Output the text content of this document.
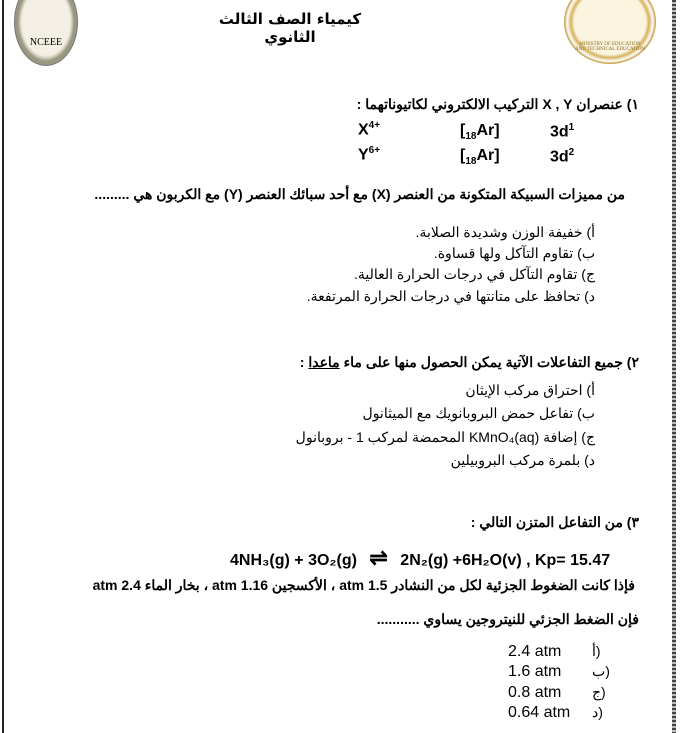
NCEEE	MINISTRY OF EDUCATION AND TECHNICAL EDUCATION
كيمياء الصف الثالث الثانوي
١) عنصران X , Y التركيب الالكتروني لكاتيوناتهما :
$X^{4+}$	$[_{18}Ar]$	$3d^1$
$Y^{6+}$	$[_{18}Ar]$	$3d^2$
من مميزات السبيكة المتكونة من العنصر (X) مع أحد سبائك العنصر (Y) مع الكربون هي .........
أ) خفيفة الوزن وشديدة الصلابة.
ب) تقاوم التآكل ولها قساوة.
ج) تقاوم التآكل في درجات الحرارة العالية.
د) تحافظ على متانتها في درجات الحرارة المرتفعة.
٢) جميع التفاعلات الآتية يمكن الحصول منها على ماء ماعدا :
أ) احتراق مركب الإيثان
ب) تفاعل حمض البروبانويك مع الميثانول
ج) إضافة KMnO₄(aq) المحمضة لمركب 1 - بروبانول
د) بلمرة مركب البروبيلين
٣) من التفاعل المتزن التالي :
4NH₃(g) + 3O₂(g) ⇌ 2N₂(g) +6H₂O(v) , Kp= 15.47
فإذا كانت الضغوط الجزئية لكل من النشادر 1.5 atm ، الأكسجين 1.16 atm ، بخار الماء 2.4 atm
فإن الضغط الجزئي للنيتروجين يساوي ...........
2.4 atm أ)
1.6 atm ب)
0.8 atm ج)
0.64 atm د)
